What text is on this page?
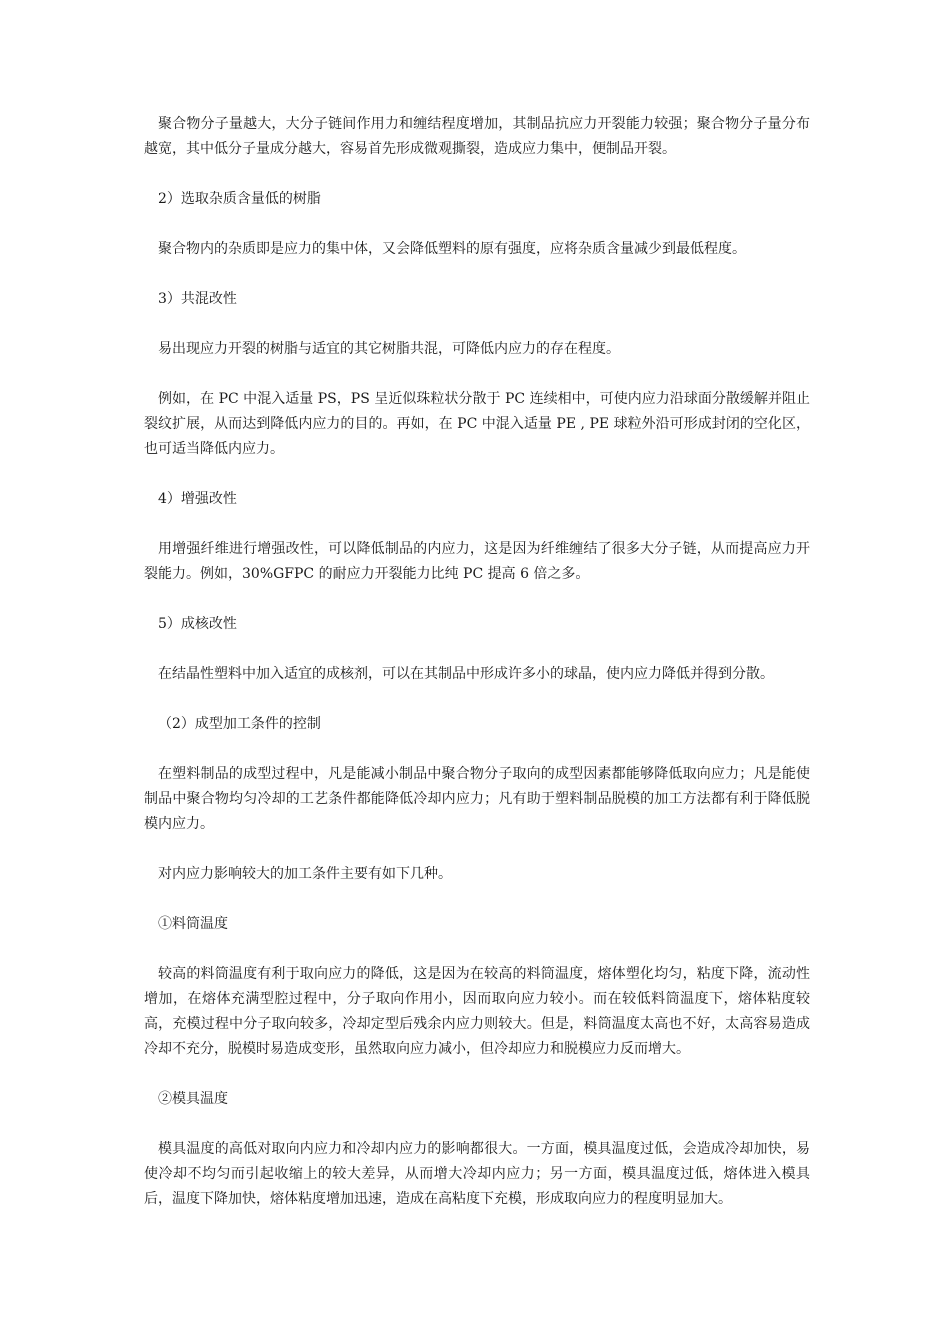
聚合物分子量越大，大分子链间作用力和缠结程度增加，其制品抗应力开裂能力较强；聚合物分子量分布越宽，其中低分子量成分越大，容易首先形成微观撕裂，造成应力集中，便制品开裂。

2）选取杂质含量低的树脂

聚合物内的杂质即是应力的集中体，又会降低塑料的原有强度，应将杂质含量减少到最低程度。

3）共混改性

易出现应力开裂的树脂与适宜的其它树脂共混，可降低内应力的存在程度。

例如，在 PC 中混入适量 PS，PS 呈近似珠粒状分散于 PC 连续相中，可使内应力沿球面分散缓解并阻止裂纹扩展，从而达到降低内应力的目的。再如，在 PC 中混入适量 PE , PE 球粒外沿可形成封闭的空化区，也可适当降低内应力。

4）增强改性

用增强纤维进行增强改性，可以降低制品的内应力，这是因为纤维缠结了很多大分子链，从而提高应力开裂能力。例如，30%GFPC 的耐应力开裂能力比纯 PC 提高 6 倍之多。

5）成核改性

在结晶性塑料中加入适宜的成核剂，可以在其制品中形成许多小的球晶，使内应力降低并得到分散。

（2）成型加工条件的控制

在塑料制品的成型过程中，凡是能减小制品中聚合物分子取向的成型因素都能够降低取向应力；凡是能使制品中聚合物均匀冷却的工艺条件都能降低冷却内应力；凡有助于塑料制品脱模的加工方法都有利于降低脱模内应力。

对内应力影响较大的加工条件主要有如下几种。

①料筒温度

较高的料筒温度有利于取向应力的降低，这是因为在较高的料筒温度，熔体塑化均匀，粘度下降，流动性增加，在熔体充满型腔过程中，分子取向作用小，因而取向应力较小。而在较低料筒温度下，熔体粘度较高，充模过程中分子取向较多，冷却定型后残余内应力则较大。但是，料筒温度太高也不好，太高容易造成冷却不充分，脱模时易造成变形，虽然取向应力减小，但冷却应力和脱模应力反而增大。

②模具温度

模具温度的高低对取向内应力和冷却内应力的影响都很大。一方面，模具温度过低，会造成冷却加快，易使冷却不均匀而引起收缩上的较大差异，从而增大冷却内应力；另一方面，模具温度过低，熔体进入模具后，温度下降加快，熔体粘度增加迅速，造成在高粘度下充模，形成取向应力的程度明显加大。
